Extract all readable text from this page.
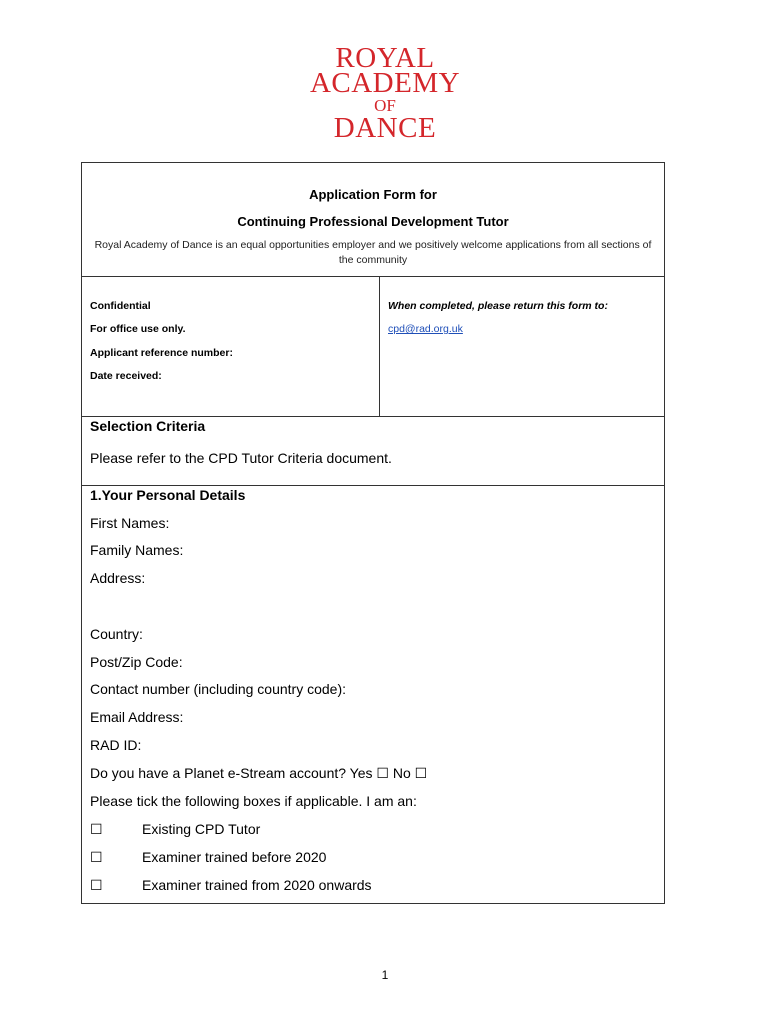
ROYAL
ACADEMY
OF
DANCE
Application Form for
Continuing Professional Development Tutor
Royal Academy of Dance is an equal opportunities employer and we positively welcome applications from all sections of the community
Confidential
For office use only.
Applicant reference number:
Date received:
When completed, please return this form to:
cpd@rad.org.uk
Selection Criteria
Please refer to the CPD Tutor Criteria document.
1.Your Personal Details
First Names:
Family Names:
Address:
Country:
Post/Zip Code:
Contact number (including country code):
Email Address:
RAD ID:
Do you have a Planet e-Stream account? Yes ☐ No ☐
Please tick the following boxes if applicable. I am an:
☐	Existing CPD Tutor
☐	Examiner trained before 2020
☐	Examiner trained from 2020 onwards
1
